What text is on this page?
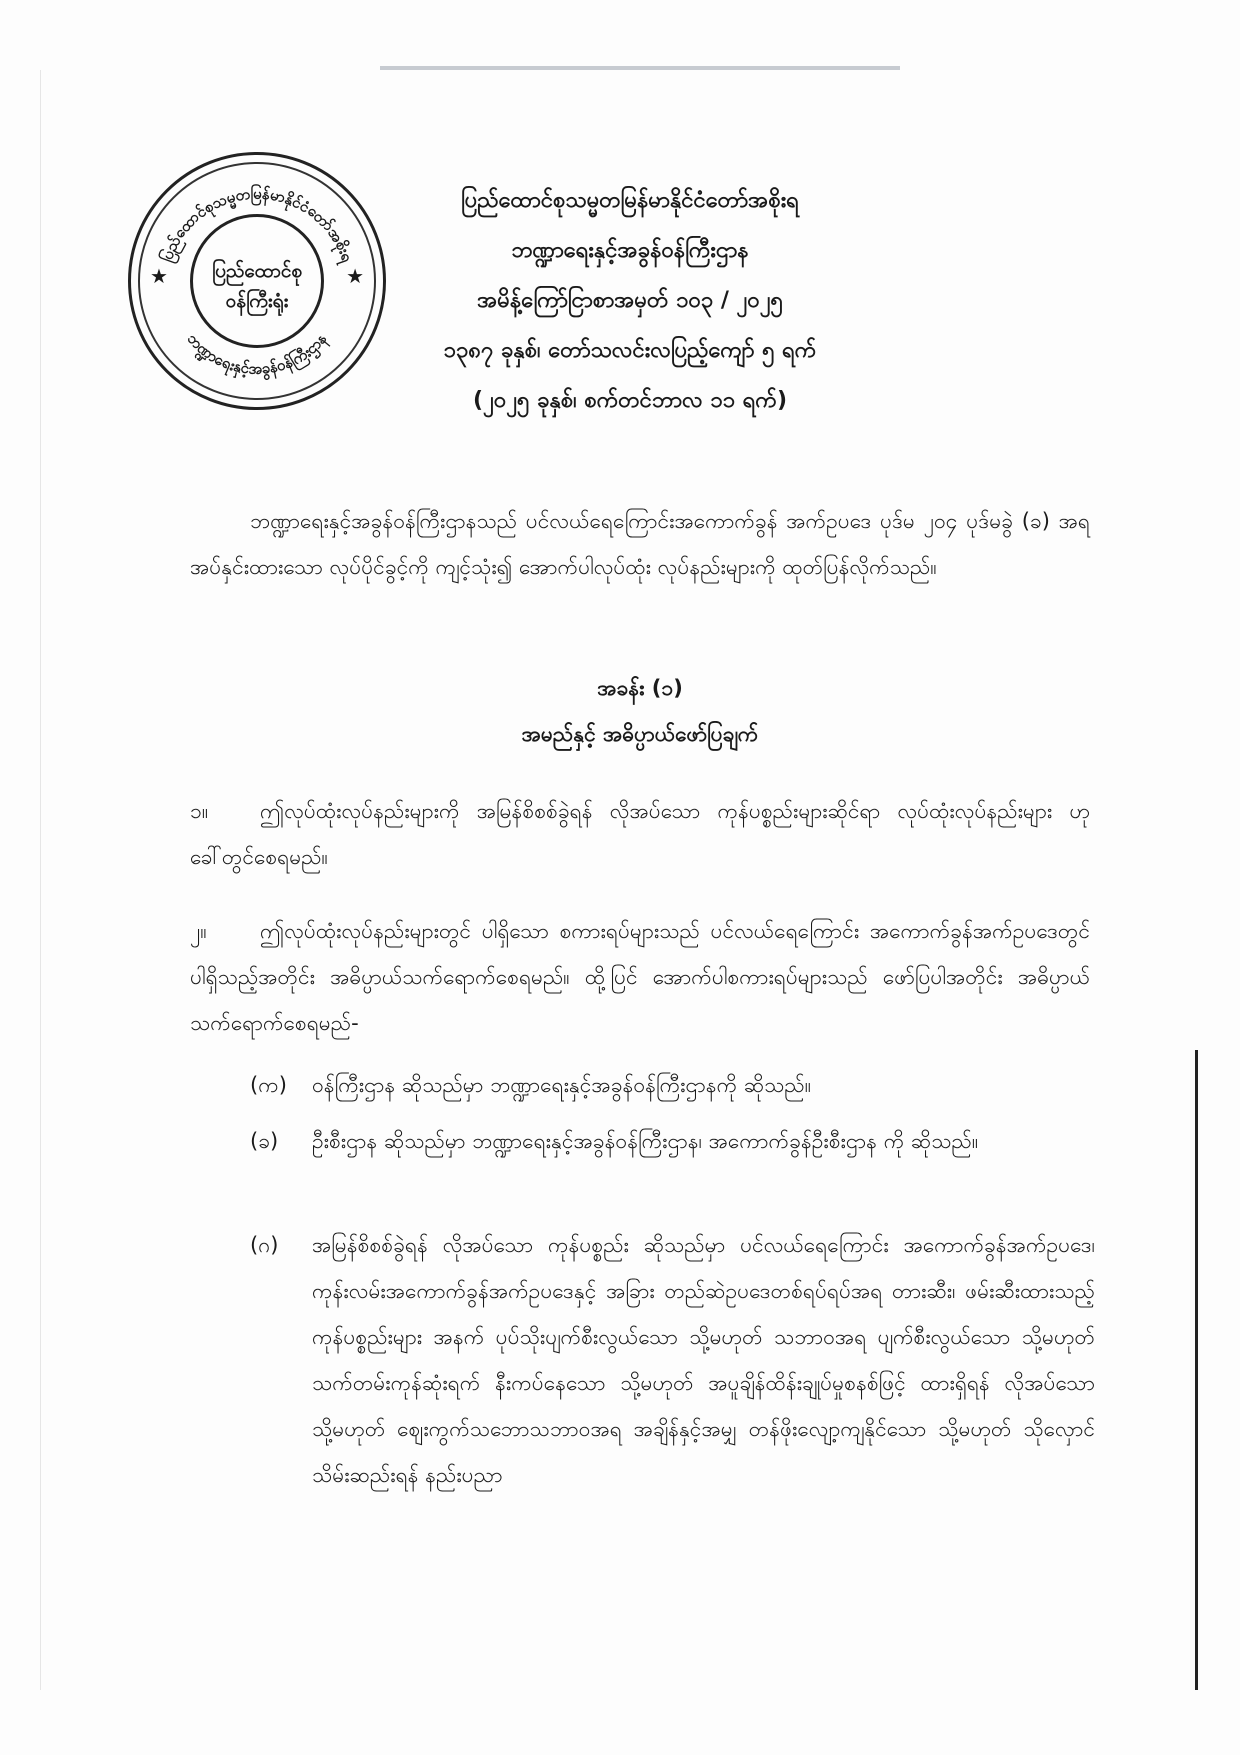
ပြည်ထောင်စုသမ္မတမြန်မာနိုင်ငံတော်အစိုးရ
ဘဏ္ဍာရေးနှင့်အခွန်ဝန်ကြီးဌာန
★	★
ပြည်ထောင်စု
ဝန်ကြီးရုံး
ပြည်ထောင်စုသမ္မတမြန်မာနိုင်ငံတော်အစိုးရ
ဘဏ္ဍာရေးနှင့်အခွန်ဝန်ကြီးဌာန
အမိန့်ကြော်ငြာစာအမှတ် ၁၀၃ / ၂၀၂၅
၁၃၈၇ ခုနှစ်၊ တော်သလင်းလပြည့်ကျော် ၅ ရက်
(၂၀၂၅ ခုနှစ်၊ စက်တင်ဘာလ ၁၁ ရက်)
ဘဏ္ဍာရေးနှင့်အခွန်ဝန်ကြီးဌာနသည် ပင်လယ်ရေကြောင်းအကောက်ခွန် အက်ဥပဒေ ပုဒ်မ ၂၀၄ ပုဒ်မခွဲ (ခ) အရ အပ်နှင်းထားသော လုပ်ပိုင်ခွင့်ကို ကျင့်သုံး၍ အောက်ပါလုပ်ထုံး လုပ်နည်းများကို ထုတ်ပြန်လိုက်သည်။
အခန်း (၁)
အမည်နှင့် အဓိပ္ပာယ်ဖော်ပြချက်
၁။ ဤလုပ်ထုံးလုပ်နည်းများကို အမြန်စိစစ်ခွဲရန် လိုအပ်သော ကုန်ပစ္စည်းများဆိုင်ရာ လုပ်ထုံးလုပ်နည်းများ ဟု ခေါ်တွင်စေရမည်။
၂။	ဤလုပ်ထုံးလုပ်နည်းများတွင် ပါရှိသော စကားရပ်များသည် ပင်လယ်ရေကြောင်း အကောက်ခွန်အက်ဥပဒေတွင် ပါရှိသည့်အတိုင်း အဓိပ္ပာယ်သက်ရောက်စေရမည်။ ထို့ပြင် အောက်ပါစကားရပ်များသည် ဖော်ပြပါအတိုင်း အဓိပ္ပာယ်သက်ရောက်စေရမည်-
(က)	ဝန်ကြီးဌာန ဆိုသည်မှာ ဘဏ္ဍာရေးနှင့်အခွန်ဝန်ကြီးဌာနကို ဆိုသည်။
(ခ)	ဦးစီးဌာန ဆိုသည်မှာ ဘဏ္ဍာရေးနှင့်အခွန်ဝန်ကြီးဌာန၊ အကောက်ခွန်ဦးစီးဌာန ကို ဆိုသည်။
(ဂ)	အမြန်စိစစ်ခွဲရန် လိုအပ်သော ကုန်ပစ္စည်း ဆိုသည်မှာ ပင်လယ်ရေကြောင်း အကောက်ခွန်အက်ဥပဒေ၊ ကုန်းလမ်းအကောက်ခွန်အက်ဥပဒေနှင့် အခြား တည်ဆဲဥပဒေတစ်ရပ်ရပ်အရ တားဆီး၊ ဖမ်းဆီးထားသည့် ကုန်ပစ္စည်းများ အနက် ပုပ်သိုးပျက်စီးလွယ်သော သို့မဟုတ် သဘာဝအရ ပျက်စီးလွယ်သော သို့မဟုတ် သက်တမ်းကုန်ဆုံးရက် နီးကပ်နေသော သို့မဟုတ် အပူချိန်ထိန်းချုပ်မှုစနစ်ဖြင့် ထားရှိရန် လိုအပ်သော သို့မဟုတ် ဈေးကွက်သဘောသဘာဝအရ အချိန်နှင့်အမျှ တန်ဖိုးလျော့ကျနိုင်သော သို့မဟုတ် သိုလှောင်သိမ်းဆည်းရန် နည်းပညာ
